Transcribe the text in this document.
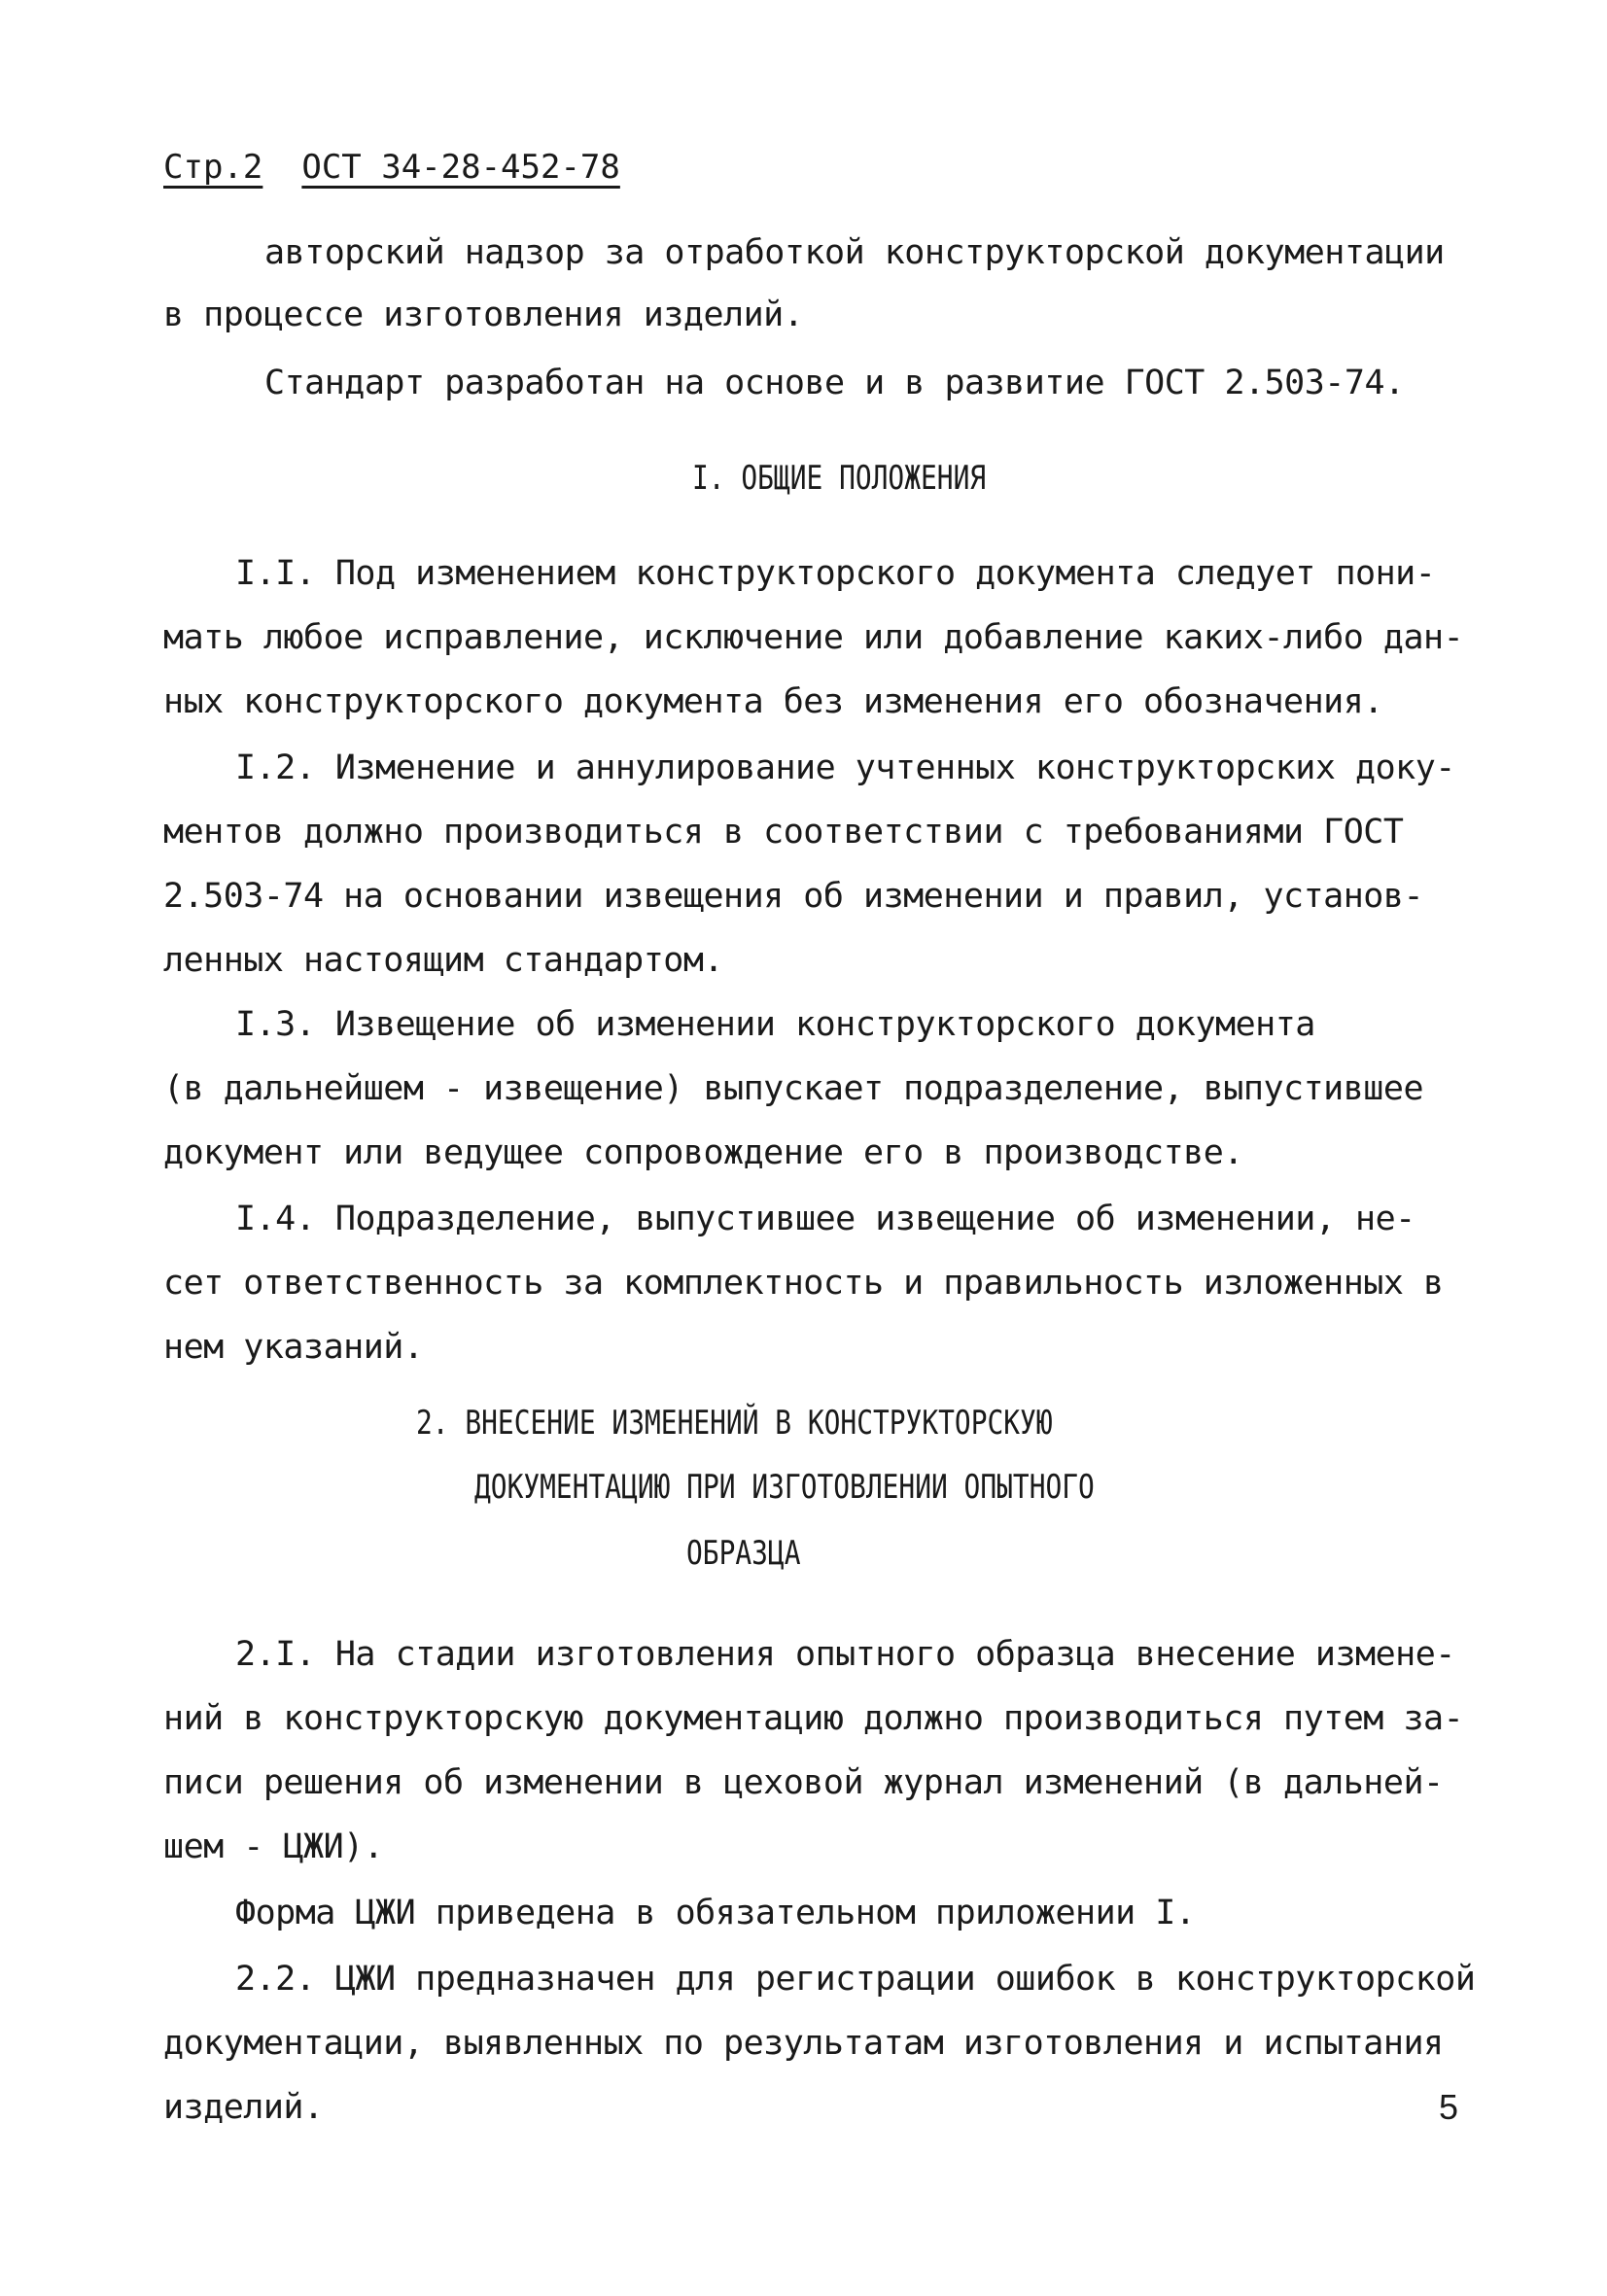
Стр.2 ОСТ 34-28-452-78
авторский надзор за отработкой конструкторской документации
в процессе изготовления изделий.
Стандарт разработан на основе и в развитие ГОСТ 2.503-74.
I. ОБЩИЕ ПОЛОЖЕНИЯ
I.I. Под изменением конструкторского документа следует пони-
мать любое исправление, исключение или добавление каких-либо дан-
ных конструкторского документа без изменения его обозначения.
I.2. Изменение и аннулирование учтенных конструкторских доку-
ментов должно производиться в соответствии с требованиями ГОСТ
2.503-74 на основании извещения об изменении и правил, установ-
ленных настоящим стандартом.
I.3. Извещение об изменении конструкторского документа
(в дальнейшем - извещение) выпускает подразделение, выпустившее
документ или ведущее сопровождение его в производстве.
I.4. Подразделение, выпустившее извещение об изменении, не-
сет ответственность за комплектность и правильность изложенных в
нем указаний.
2. ВНЕСЕНИЕ ИЗМЕНЕНИЙ В КОНСТРУКТОРСКУЮ
ДОКУМЕНТАЦИЮ ПРИ ИЗГОТОВЛЕНИИ ОПЫТНОГО
ОБРАЗЦА
2.I. На стадии изготовления опытного образца внесение измене-
ний в конструкторскую документацию должно производиться путем за-
писи решения об изменении в цеховой журнал изменений (в дальней-
шем - ЦЖИ).
Форма ЦЖИ приведена в обязательном приложении I.
2.2. ЦЖИ предназначен для регистрации ошибок в конструкторской
документации, выявленных по результатам изготовления и испытания
изделий.	5
